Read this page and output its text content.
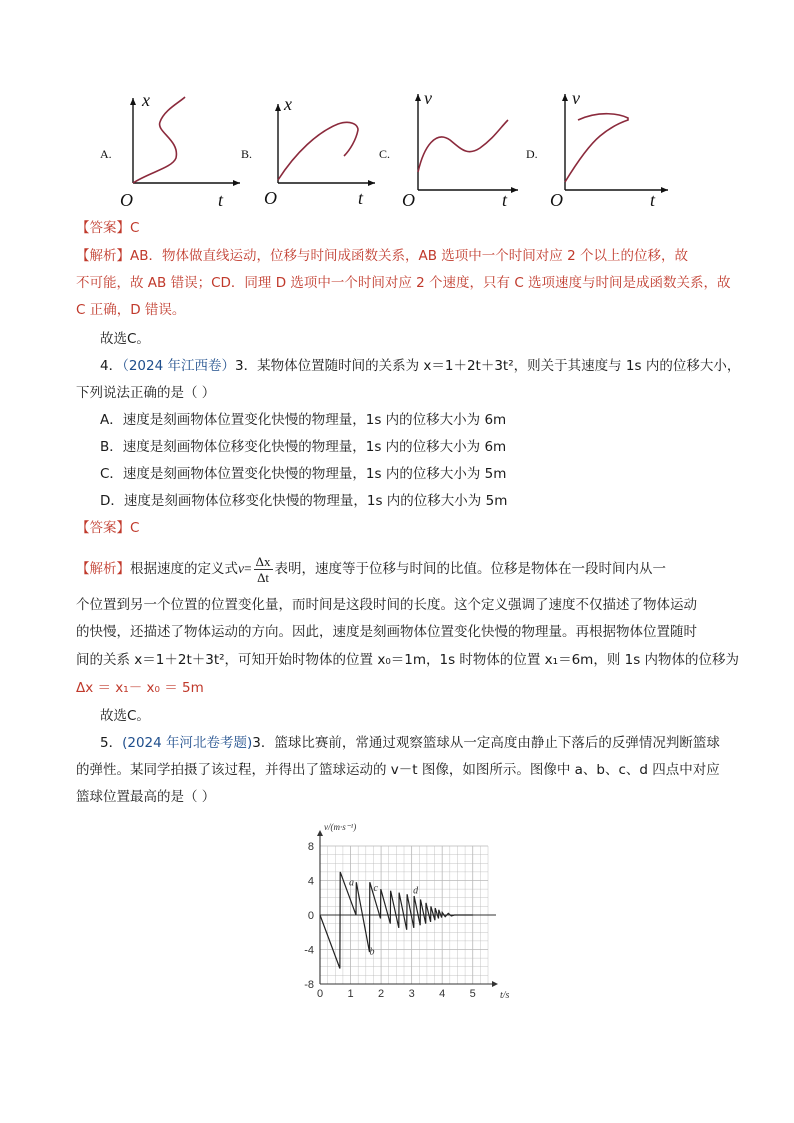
A.
x
O	t
B.
x
O	t
C.
v
O	t
D.
v
O	t
【答案】C
【解析】AB．物体做直线运动，位移与时间成函数关系，AB 选项中一个时间对应 2 个以上的位移，故
不可能，故 AB 错误；CD．同理 D 选项中一个时间对应 2 个速度，只有 C 选项速度与时间是成函数关系，故
C 正确，D 错误。
故选C。
4．（2024 年江西卷）3．某物体位置随时间的关系为 x＝1＋2t＋3t²，则关于其速度与 1s 内的位移大小，
下列说法正确的是（ ）
A．速度是刻画物体位置变化快慢的物理量，1s 内的位移大小为 6m
B．速度是刻画物体位移变化快慢的物理量，1s 内的位移大小为 6m
C．速度是刻画物体位置变化快慢的物理量，1s 内的位移大小为 5m
D．速度是刻画物体位移变化快慢的物理量，1s 内的位移大小为 5m
【答案】C
【解析】根据速度的定义式$v= \frac{\Delta x}{\Delta t}$ 表明，速度等于位移与时间的比值。位移是物体在一段时间内从一
个位置到另一个位置的位置变化量，而时间是这段时间的长度。这个定义强调了速度不仅描述了物体运动
的快慢，还描述了物体运动的方向。因此，速度是刻画物体位置变化快慢的物理量。再根据物体位置随时
间的关系 x＝1＋2t＋3t²，可知开始时物体的位置 x₀＝1m，1s 时物体的位置 x₁＝6m，则 1s 内物体的位移为
Δx ＝ x₁－ x₀ ＝ 5m
故选C。
5．(2024 年河北卷考题)3．篮球比赛前，常通过观察篮球从一定高度由静止下落后的反弹情况判断篮球
的弹性。某同学拍摄了该过程，并得出了篮球运动的 v－t 图像，如图所示。图像中 a、b、c、d 四点中对应
篮球位置最高的是（ ）
8
4
0
-4
-8
0 1 2 3 4 5
v/(m·s⁻¹)
t/s
a
b
c	d
